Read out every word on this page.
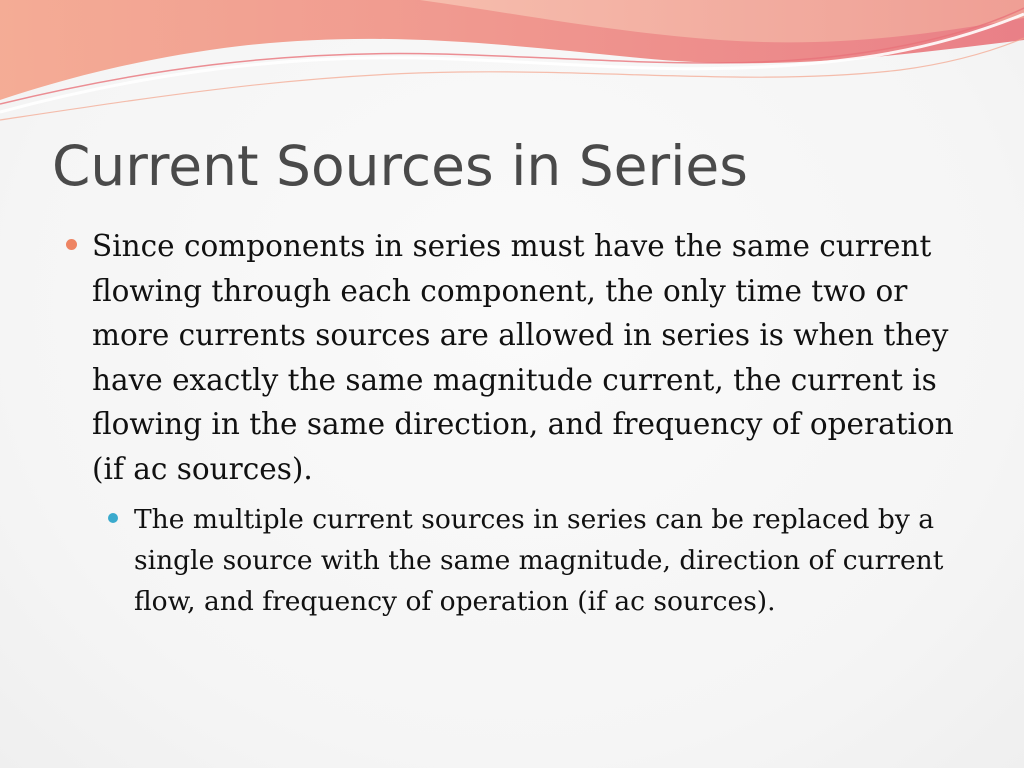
Current Sources in Series
Since components in series must have the same current flowing through each component, the only time two or more currents sources are allowed in series is when they have exactly the same magnitude current, the current is flowing in the same direction, and frequency of operation (if ac sources).
The multiple current sources in series can be replaced by a single source with the same magnitude, direction of current flow, and frequency of operation (if ac sources).
